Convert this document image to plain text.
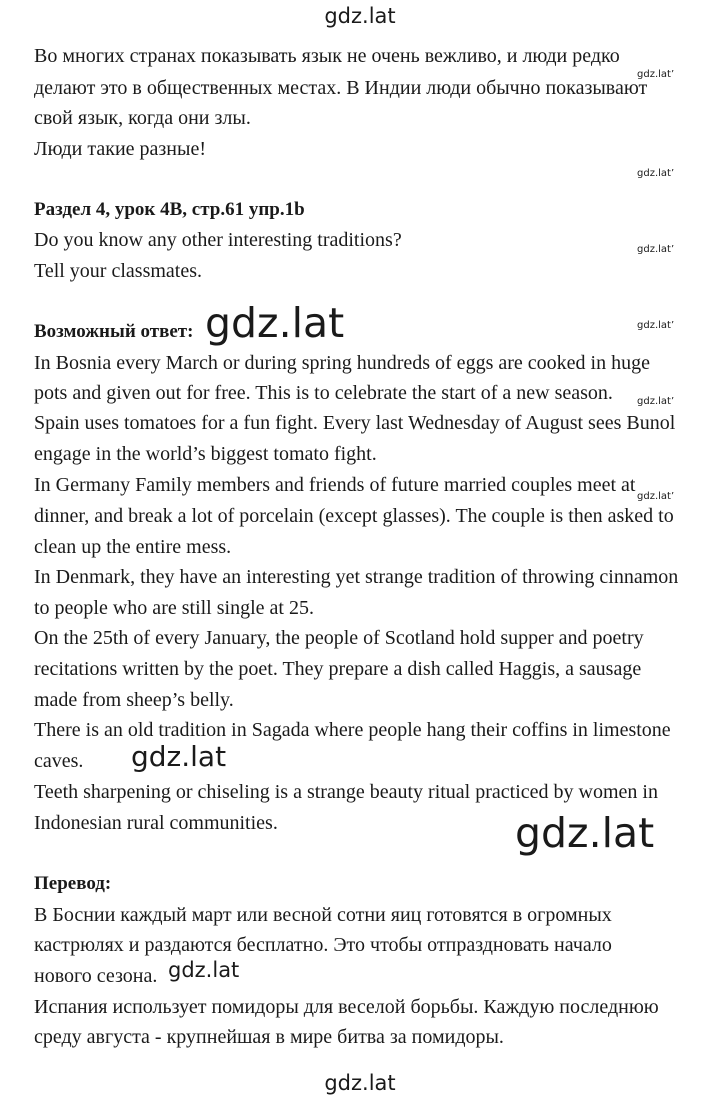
gdz.lat
Во многих странах показывать язык не очень вежливо, и люди редко
делают это в общественных местах. В Индии люди обычно показывают
свой язык, когда они злы.
Люди такие разные!
Раздел 4, урок 4B, стр.61 упр.1b
Do you know any other interesting traditions?
Tell your classmates.
Возможный ответ:
In Bosnia every March or during spring hundreds of eggs are cooked in huge
pots and given out for free. This is to celebrate the start of a new season.
Spain uses tomatoes for a fun fight. Every last Wednesday of August sees Bunol
engage in the world’s biggest tomato fight.
In Germany Family members and friends of future married couples meet at
dinner, and break a lot of porcelain (except glasses). The couple is then asked to
clean up the entire mess.
In Denmark, they have an interesting yet strange tradition of throwing cinnamon
to people who are still single at 25.
On the 25th of every January, the people of Scotland hold supper and poetry
recitations written by the poet. They prepare a dish called Haggis, a sausage
made from sheep’s belly.
There is an old tradition in Sagada where people hang their coffins in limestone
caves.
Teeth sharpening or chiseling is a strange beauty ritual practiced by women in
Indonesian rural communities.
Перевод:
В Боснии каждый март или весной сотни яиц готовятся в огромных
кастрюлях и раздаются бесплатно. Это чтобы отпраздновать начало
нового сезона.
Испания использует помидоры для веселой борьбы. Каждую последнюю
среду августа - крупнейшая в мире битва за помидоры.
gdz.lat’
gdz.lat’
gdz.lat’
gdz.lat’
gdz.lat’
gdz.lat’
gdz.lat
gdz.lat
gdz.lat
gdz.lat
gdz.lat
